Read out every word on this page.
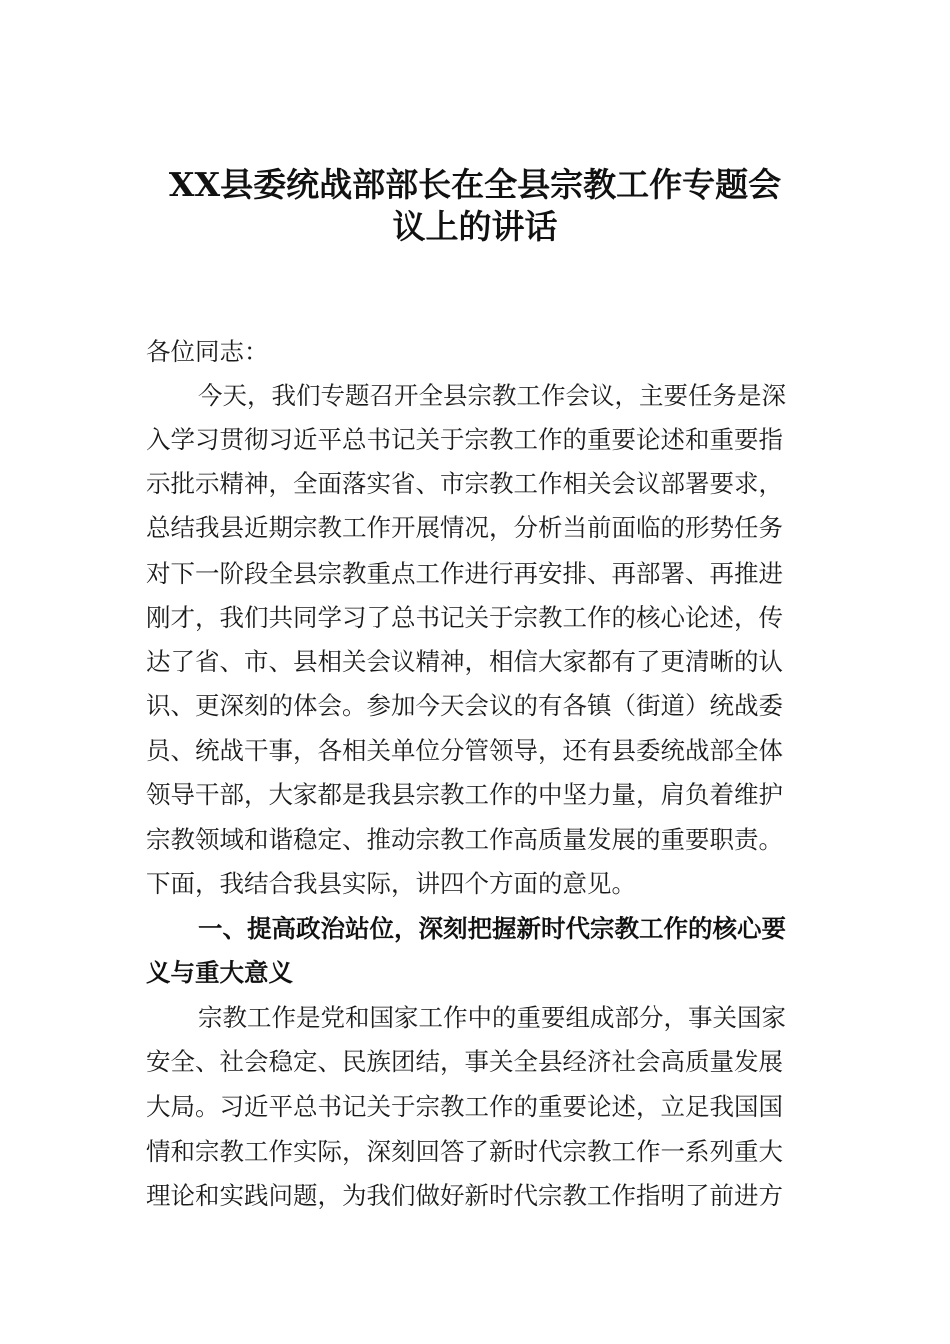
XX县委统战部部长在全县宗教工作专题会
议上的讲话
各位同志：
今天，我们专题召开全县宗教工作会议，主要任务是深
入学习贯彻习近平总书记关于宗教工作的重要论述和重要指
示批示精神，全面落实省、市宗教工作相关会议部署要求，
总结我县近期宗教工作开展情况，分析当前面临的形势任务
对下一阶段全县宗教重点工作进行再安排、再部署、再推进
刚才，我们共同学习了总书记关于宗教工作的核心论述，传
达了省、市、县相关会议精神，相信大家都有了更清晰的认
识、更深刻的体会。参加今天会议的有各镇（街道）统战委
员、统战干事，各相关单位分管领导，还有县委统战部全体
领导干部，大家都是我县宗教工作的中坚力量，肩负着维护
宗教领域和谐稳定、推动宗教工作高质量发展的重要职责。
下面，我结合我县实际，讲四个方面的意见。
一、提高政治站位，深刻把握新时代宗教工作的核心要
义与重大意义
宗教工作是党和国家工作中的重要组成部分，事关国家
安全、社会稳定、民族团结，事关全县经济社会高质量发展
大局。习近平总书记关于宗教工作的重要论述，立足我国国
情和宗教工作实际，深刻回答了新时代宗教工作一系列重大
理论和实践问题，为我们做好新时代宗教工作指明了前进方
